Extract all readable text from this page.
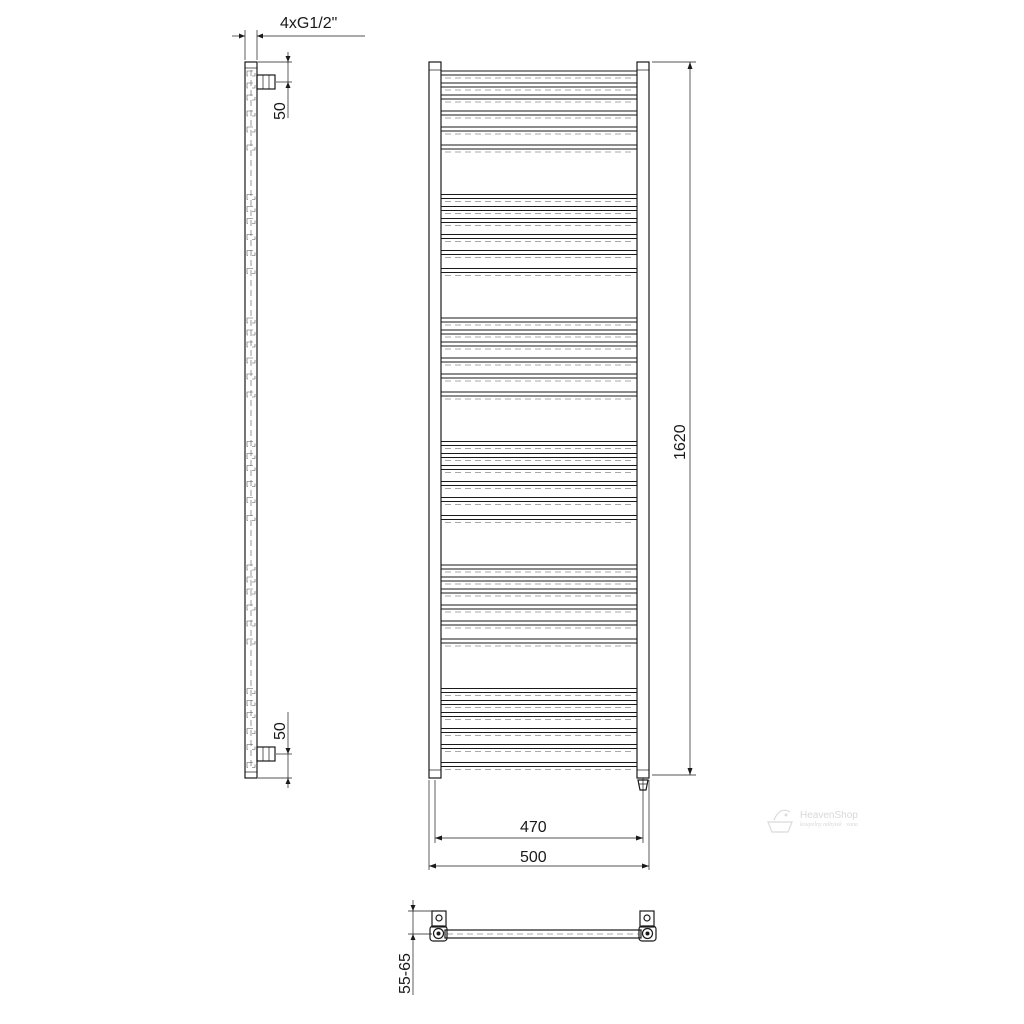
4xG1/2"
50
50
1620
470
500
55-65
HeavenShop
koupelny nábytek · vana
